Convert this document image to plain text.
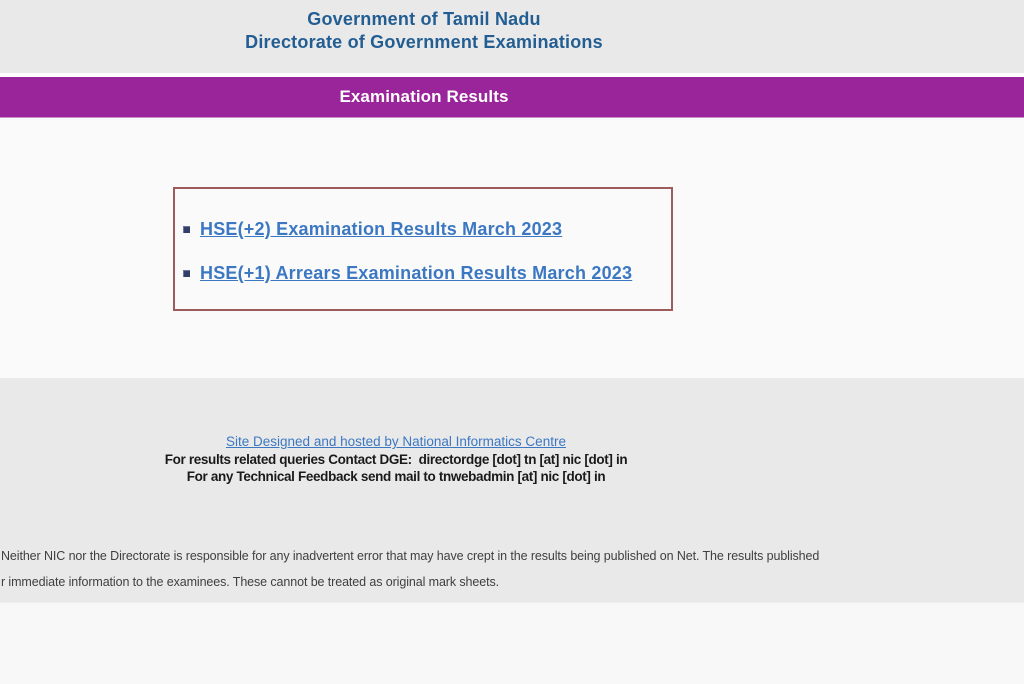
Government of Tamil Nadu
Directorate of Government Examinations
Examination Results
HSE(+2) Examination Results March 2023
HSE(+1) Arrears Examination Results March 2023
Site Designed and hosted by National Informatics Centre
For results related queries Contact DGE:  directordge [dot] tn [at] nic [dot] in
For any Technical Feedback send mail to tnwebadmin [at] nic [dot] in
Neither NIC nor the Directorate is responsible for any inadvertent error that may have crept in the results being published on Net. The results published
r immediate information to the examinees. These cannot be treated as original mark sheets.
